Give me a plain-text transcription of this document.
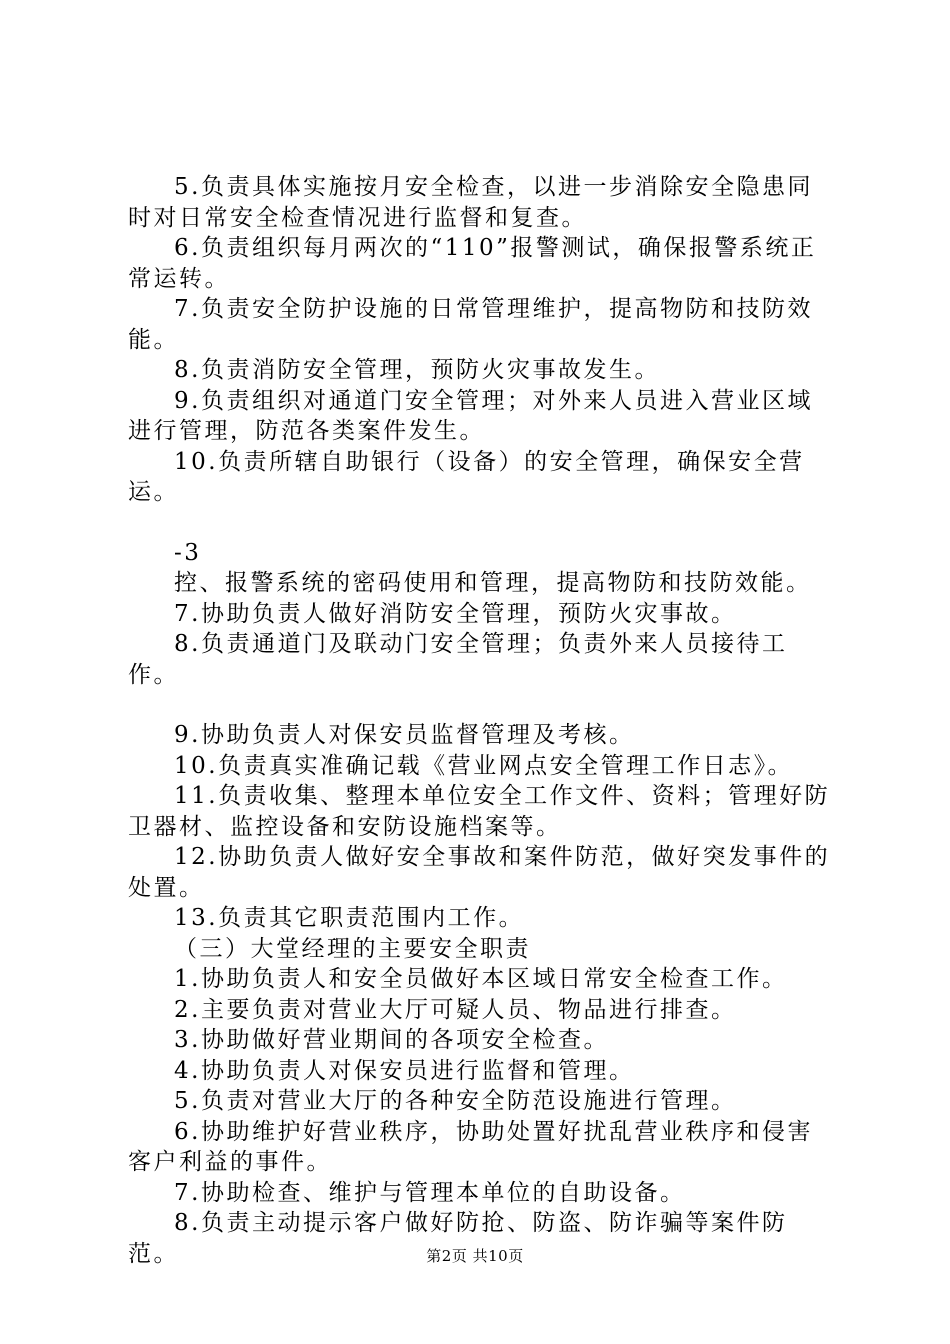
5.负责具体实施按月安全检查，以进一步消除安全隐患同时对日常安全检查情况进行监督和复查。

6.负责组织每月两次的“110”报警测试，确保报警系统正常运转。

7.负责安全防护设施的日常管理维护，提高物防和技防效能。

8.负责消防安全管理，预防火灾事故发生。

9.负责组织对通道门安全管理；对外来人员进入营业区域进行管理，防范各类案件发生。

10.负责所辖自助银行（设备）的安全管理，确保安全营运。

-3

控、报警系统的密码使用和管理，提高物防和技防效能。

7.协助负责人做好消防安全管理，预防火灾事故。

8.负责通道门及联动门安全管理；负责外来人员接待工作。

9.协助负责人对保安员监督管理及考核。

10.负责真实准确记载《营业网点安全管理工作日志》。

11.负责收集、整理本单位安全工作文件、资料；管理好防卫器材、监控设备和安防设施档案等。

12.协助负责人做好安全事故和案件防范，做好突发事件的处置。

13.负责其它职责范围内工作。

（三）大堂经理的主要安全职责

1.协助负责人和安全员做好本区域日常安全检查工作。

2.主要负责对营业大厅可疑人员、物品进行排查。

3.协助做好营业期间的各项安全检查。

4.协助负责人对保安员进行监督和管理。

5.负责对营业大厅的各种安全防范设施进行管理。

6.协助维护好营业秩序，协助处置好扰乱营业秩序和侵害客户利益的事件。

7.协助检查、维护与管理本单位的自助设备。

8.负责主动提示客户做好防抢、防盗、防诈骗等案件防范。	第2页 共10页
